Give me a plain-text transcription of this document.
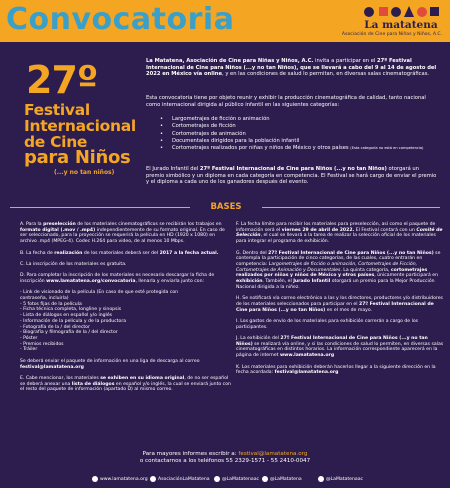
Convocatoria	La matatena
Asociación de Cine para Niñas y Niños, A.C.
27º
Festival
Internacional
de Cine
para Niños
(...y no tan niños)
La Matatena, Asociación de Cine para Niñas y Niños, A.C. invita a participar en el 27º Festival Internacional de Cine para Niños (...y no tan Niños), que se llevará a cabo del 9 al 14 de agosto del 2022 en México vía online, y en las condiciones de salud lo permitan, en diversas salas cinematográficas.
Esta convocatoria tiene por objeto reunir y exhibir la producción cinematográfica de calidad, tanto nacional como internacional dirigida al público infantil en las siguientes categorías:
• Largometrajes de ficción o animación
• Cortometrajes de ficción
• Cortometrajes de animación
• Documentales dirigidos para la población infantil
• Cortometrajes realizados por niñas y niños de México y otros países (Esta categoría no está en competencia)
El Jurado Infantil del 27º Festival Internacional de Cine para Niños (...y no tan Niños) otorgará un premio simbólico y un diploma en cada categoría en competencia. El Festival se hará cargo de enviar el premio y el diploma a cada uno de los ganadores después del evento.
BASES

A. Para la preselección de los materiales cinematográficos se recibirán los trabajos en formato digital (.mov / .mp4) independientemente de su formato original. En caso de ser seleccionado, para la proyección se requerirá la película en HD (1920 x 1080) en archivo .mp4 (MPEG-4). Codec H.264 para video, de al menos 10 Mbps.

B. La fecha de realización de los materiales deberá ser del 2017 a la fecha actual.

C. La inscripción de los materiales es gratuita.

D. Para completar la inscripción de los materiales es necesario descargar la ficha de inscripción www.lamatatena.org/convocatoria, llenarla y enviarla junto con:

- Link de visionado de la película (En caso de que esté protegida con
contraseña, incluirla)
- 5 fotos fijas de la película
- Ficha técnica completa, longline y sinopsis
- Lista de diálogos en español y/o inglés
- Información de la película y de la productora
- Fotografía de la / del director
- Biografía y filmografía de la / del director
- Póster
- Premios recibidos
- Tráiler

Se deberá enviar el paquete de información en una liga de descarga al correo festival@lamatatena.org

E. Cabe mencionar, los materiales se exhiben en su idioma original, de no ser español se deberá anexar una lista de diálogos en español y/o inglés, la cual se enviará junto con el resto del paquete de información (apartado D) al mismo correo.

F. La fecha límite para recibir los materiales para preselección, así como el paquete de información será el viernes 29 de abril de 2022. El Festival contará con un Comité de Selección, el cual se llevará a la tarea de realizar la selección oficial de los materiales para integrar el programa de exhibición.

G. Dentro del 27º Festival Internacional de Cine para Niños (...y no tan Niños) se contempla la participación de cinco categorías, de las cuales, cuatro entrarán en competencia: Largometrajes de ficción o animación, Cortometrajes de Ficción, Cortometrajes de Animación y Documentales. La quinta categoría, cortometrajes realizados por niñas y niños de México y otros países, únicamente participará en exhibición. También, el Jurado Infantil otorgará un premio para la Mejor Producción Nacional dirigida a la niñez.

H. Se notificará vía correo electrónico a las y los directores, productores y/o distribuidores de los materiales seleccionados para participar en el 27º Festival Internacional de Cine para Niños (...y no tan Niños) en el mes de mayo.

I. Los gastos de envío de los materiales para exhibición correrán a cargo de los participantes.

J. La exhibición del 27º Festival Internacional de Cine para Niños (...y no tan Niños) se realizará vía online, y si las condiciones de salud lo permiten, en diversas salas cinematográficas en distintos horarios. La información correspondiente aparecerá en la página de internet www.lamatatena.org

K. Los materiales para exhibición deberán hacerlos llegar a la siguiente dirección en la fecha acordada: festival@lamatatena.org

Para mayores informes escribir a: festival@lamatatena.org
o contactarnos a los teléfonos 55 2329-1571 - 55 2410-0047
www.lamatatena.org	AsociaciónLaMatatena	@LaMatatenaac	@LaMatatena	@LaMatatenaac
